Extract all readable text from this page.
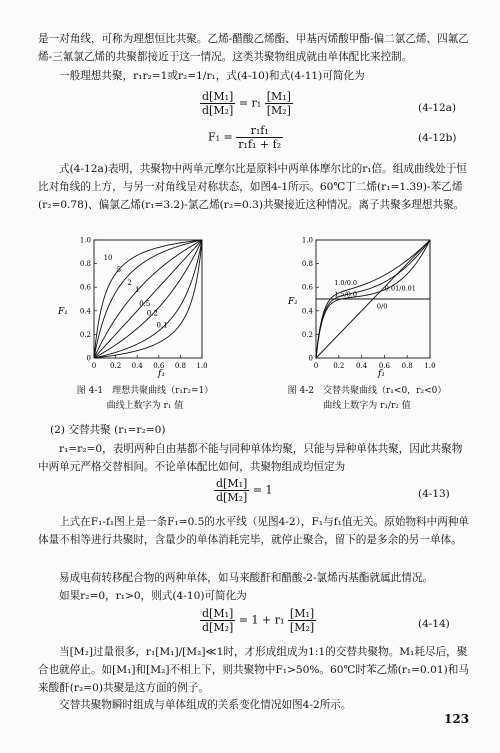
是一对角线，可称为理想恒比共聚。乙烯-醋酸乙烯酯、甲基丙烯酸甲酯-偏二氯乙烯、四氟乙烯-三氟氯乙烯的共聚都接近于这一情况。这类共聚物组成就由单体配比来控制。
一般理想共聚，r₁r₂=1或r₂=1/r₁，式(4-10)和式(4-11)可简化为
$\frac{\text{d[M₁]}}{\text{d[M₂]}} = r_1 \frac{\text{[M₁]}}{\text{[M₂]}}$	(4-12a)
$F_1 = \frac{\text{r₁f₁}}{\text{r₁f₁ + f₂}}$	(4-12b)
式(4-12a)表明，共聚物中两单元摩尔比是原料中两单体摩尔比的r₁倍。组成曲线处于恒比对角线的上方，与另一对角线呈对称状态，如图4-1所示。60℃丁二烯(r₁=1.39)-苯乙烯(r₂=0.78)、偏氯乙烯(r₁=3.2)-氯乙烯(r₂=0.3)共聚接近这种情况。离子共聚多理想共聚。
1.0
0.8
0.6
0.4
0.2
0
0 0.2 0.4 0.6 0.8 1.0
10
5
2
1
0.5
0.2
0.1
F₁
f₁
图 4-1　理想共聚曲线（r₁r₂=1）
曲线上数字为 r₁ 值
1.0
0.8
0.6
0.4
0.2
0
0 0.2 0.4 0.6 0.8 1.0
1.0/0.0
1.5/0.0
0.01/0.01
0/0
F₁
f₁
图 4-2　交替共聚曲线（r₁<0，r₂<0）
曲线上数字为 r₁/r₂ 值
(2) 交替共聚 (r₁=r₂=0)
r₁=r₂=0，表明两种自由基都不能与同种单体均聚，只能与异种单体共聚，因此共聚物中两单元严格交替相间。不论单体配比如何，共聚物组成均恒定为
$\frac{\text{d[M₁]}}{\text{d[M₂]}} = 1$	(4-13)
上式在F₁-f₁图上是一条F₁=0.5的水平线（见图4-2），F₁与f₁值无关。原始物料中两种单体量不相等进行共聚时，含量少的单体消耗完毕，就停止聚合，留下的是多余的另一单体。
易成电荷转移配合物的两种单体，如马来酸酐和醋酸-2-氯烯丙基酯就属此情况。
如果r₂=0，r₁>0，则式(4-10)可简化为
$\frac{\text{d[M₁]}}{\text{d[M₂]}} = 1 + r_1 \frac{\text{[M₁]}}{\text{[M₂]}}$	(4-14)
当[M₂]过量很多，r₁[M₁]/[M₂]≪1时，才形成组成为1:1的交替共聚物。M₁耗尽后，聚合也就停止。如[M₁]和[M₂]不相上下，则共聚物中F₁>50%。60℃时苯乙烯(r₁=0.01)和马来酸酐(r₂=0)共聚是这方面的例子。
交替共聚物瞬时组成与单体组成的关系变化情况如图4-2所示。
123
